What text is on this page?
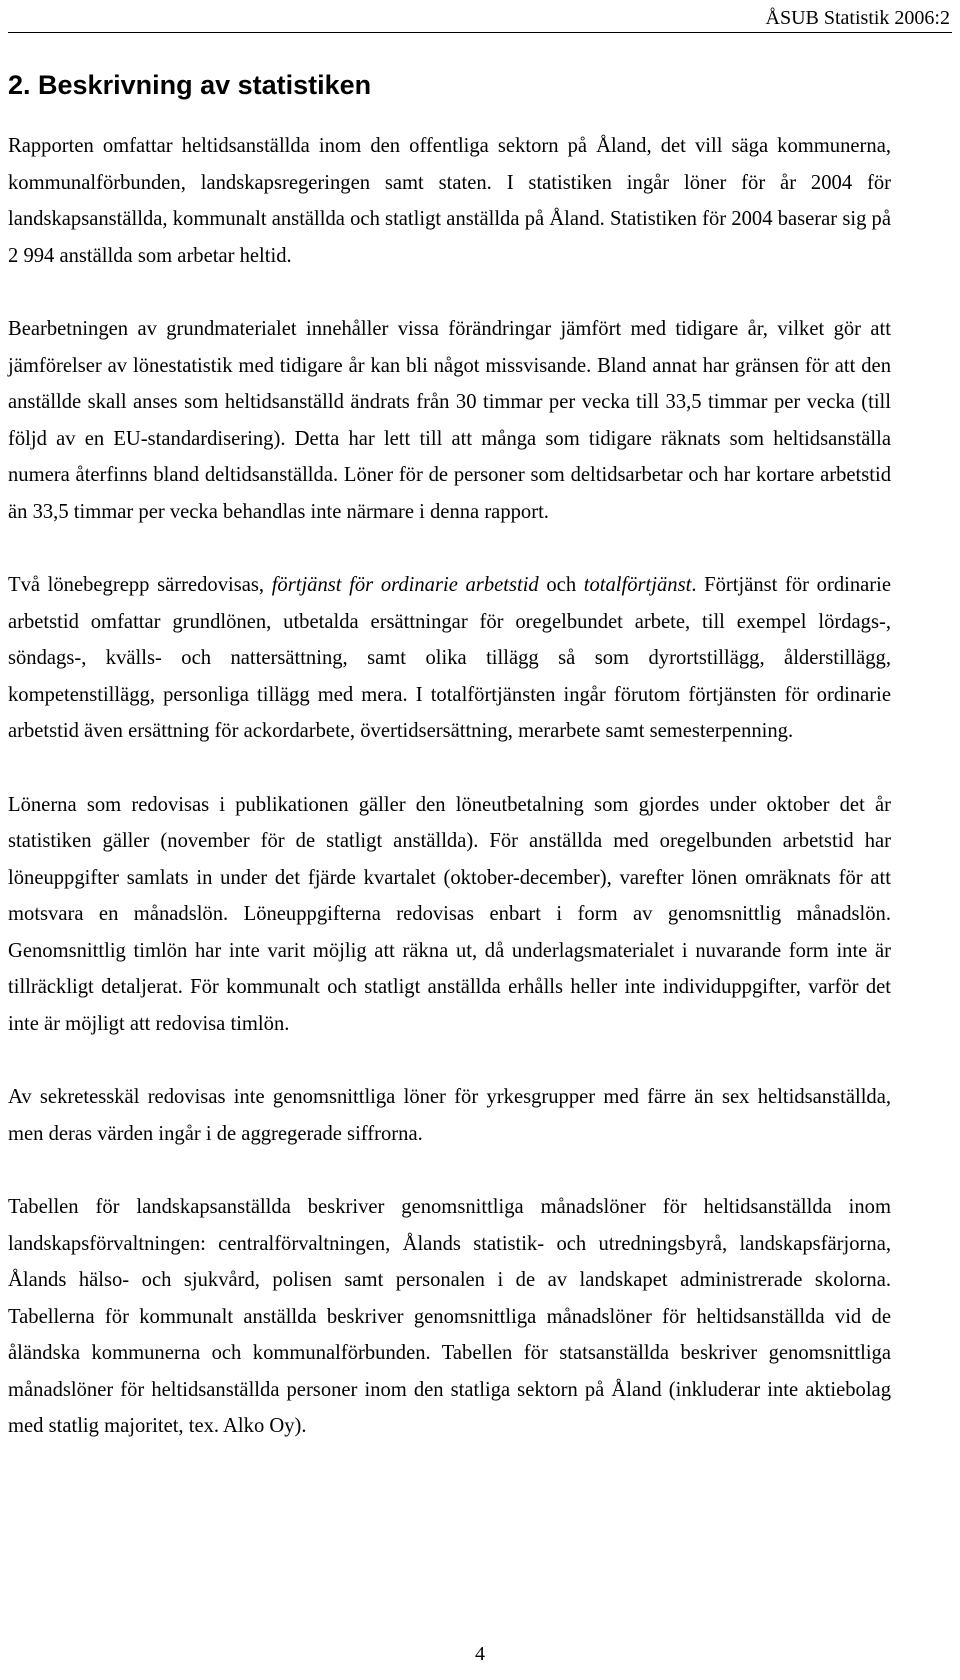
ÅSUB Statistik 2006:2
2. Beskrivning av statistiken

Rapporten omfattar heltidsanställda inom den offentliga sektorn på Åland, det vill säga kommunerna, kommunalförbunden, landskapsregeringen samt staten. I statistiken ingår löner för år 2004 för landskapsanställda, kommunalt anställda och statligt anställda på Åland. Statistiken för 2004 baserar sig på 2 994 anställda som arbetar heltid.

Bearbetningen av grundmaterialet innehåller vissa förändringar jämfört med tidigare år, vilket gör att jämförelser av lönestatistik med tidigare år kan bli något missvisande. Bland annat har gränsen för att den anställde skall anses som heltidsanställd ändrats från 30 timmar per vecka till 33,5 timmar per vecka (till följd av en EU-standardisering). Detta har lett till att många som tidigare räknats som heltidsanställa numera återfinns bland deltidsanställda. Löner för de personer som deltidsarbetar och har kortare arbetstid än 33,5 timmar per vecka behandlas inte närmare i denna rapport.

Två lönebegrepp särredovisas, förtjänst för ordinarie arbetstid och totalförtjänst. Förtjänst för ordinarie arbetstid omfattar grundlönen, utbetalda ersättningar för oregelbundet arbete, till exempel lördags-, söndags-, kvälls- och nattersättning, samt olika tillägg så som dyrortstillägg, ålderstillägg, kompetenstillägg, personliga tillägg med mera. I totalförtjänsten ingår förutom förtjänsten för ordinarie arbetstid även ersättning för ackordarbete, övertidsersättning, merarbete samt semesterpenning.

Lönerna som redovisas i publikationen gäller den löneutbetalning som gjordes under oktober det år statistiken gäller (november för de statligt anställda). För anställda med oregelbunden arbetstid har löneuppgifter samlats in under det fjärde kvartalet (oktober-december), varefter lönen omräknats för att motsvara en månadslön. Löneuppgifterna redovisas enbart i form av genomsnittlig månadslön. Genomsnittlig timlön har inte varit möjlig att räkna ut, då underlagsmaterialet i nuvarande form inte är tillräckligt detaljerat. För kommunalt och statligt anställda erhålls heller inte individuppgifter, varför det inte är möjligt att redovisa timlön.

Av sekretesskäl redovisas inte genomsnittliga löner för yrkesgrupper med färre än sex heltidsanställda, men deras värden ingår i de aggregerade siffrorna.

Tabellen för landskapsanställda beskriver genomsnittliga månadslöner för heltidsanställda inom landskapsförvaltningen: centralförvaltningen, Ålands statistik- och utredningsbyrå, landskapsfärjorna, Ålands hälso- och sjukvård, polisen samt personalen i de av landskapet administrerade skolorna. Tabellerna för kommunalt anställda beskriver genomsnittliga månadslöner för heltidsanställda vid de åländska kommunerna och kommunalförbunden. Tabellen för statsanställda beskriver genomsnittliga månadslöner för heltidsanställda personer inom den statliga sektorn på Åland (inkluderar inte aktiebolag med statlig majoritet, tex. Alko Oy).

4
